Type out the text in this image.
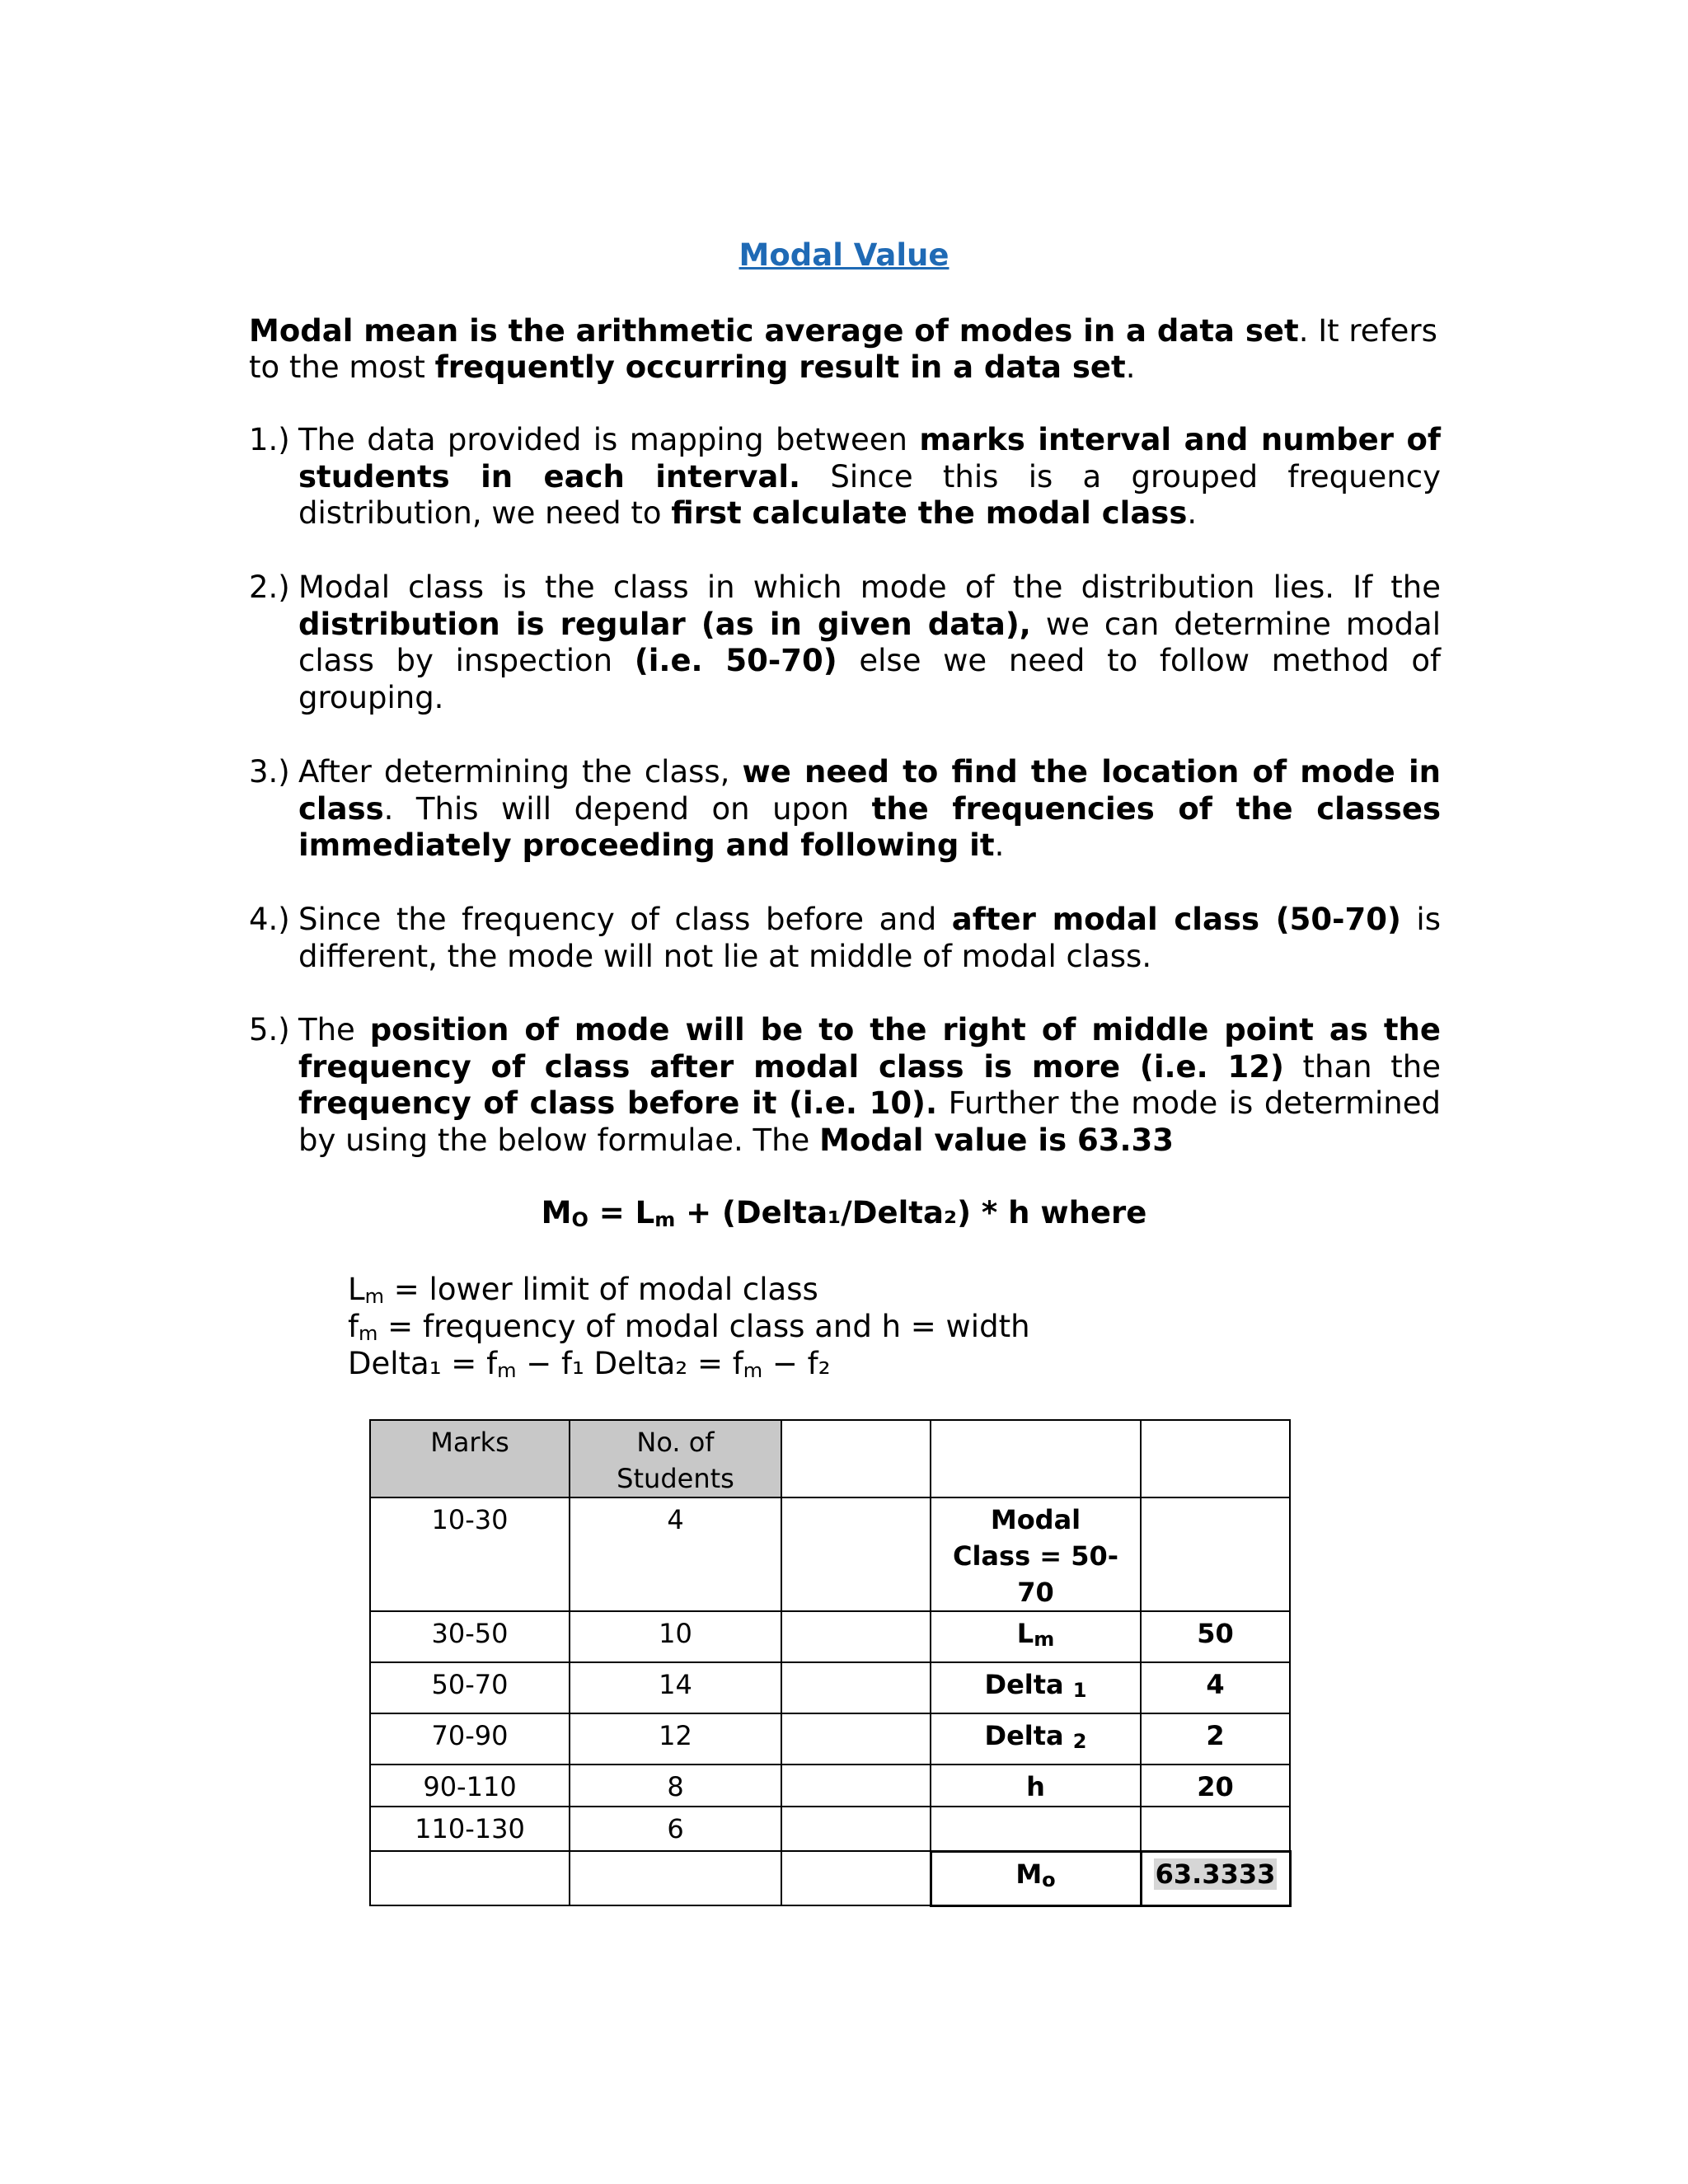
Modal Value
Modal mean is the arithmetic average of modes in a data set. It refers to the most frequently occurring result in a data set.
1.) The data provided is mapping between marks interval and number of students in each interval. Since this is a grouped frequency distribution, we need to first calculate the modal class.
2.) Modal class is the class in which mode of the distribution lies. If the distribution is regular (as in given data), we can determine modal class by inspection (i.e. 50-70) else we need to follow method of grouping.
3.) After determining the class, we need to find the location of mode in class. This will depend on upon the frequencies of the classes immediately proceeding and following it.
4.) Since the frequency of class before and after modal class (50-70) is different, the mode will not lie at middle of modal class.
5.) The position of mode will be to the right of middle point as the frequency of class after modal class is more (i.e. 12) than the frequency of class before it (i.e. 10). Further the mode is determined by using the below formulae. The Modal value is 63.33
$M_O = L_m$ + (Delta₁/Delta₂) * h where
$L_m$ = lower limit of modal class
$f_m$ = frequency of modal class and h = width
Delta₁ = $f_m - f_1$ Delta₂ = $f_m - f_2$
Marks	No. of Students			

10-30	4		Modal Class = 50-70	

30-50	10		$L_m$	50

50-70	14		Delta $_1$	4

70-90	12		Delta $_2$	2

90-110	8		h	20

110-130	6			

			$M_o$	63.3333
